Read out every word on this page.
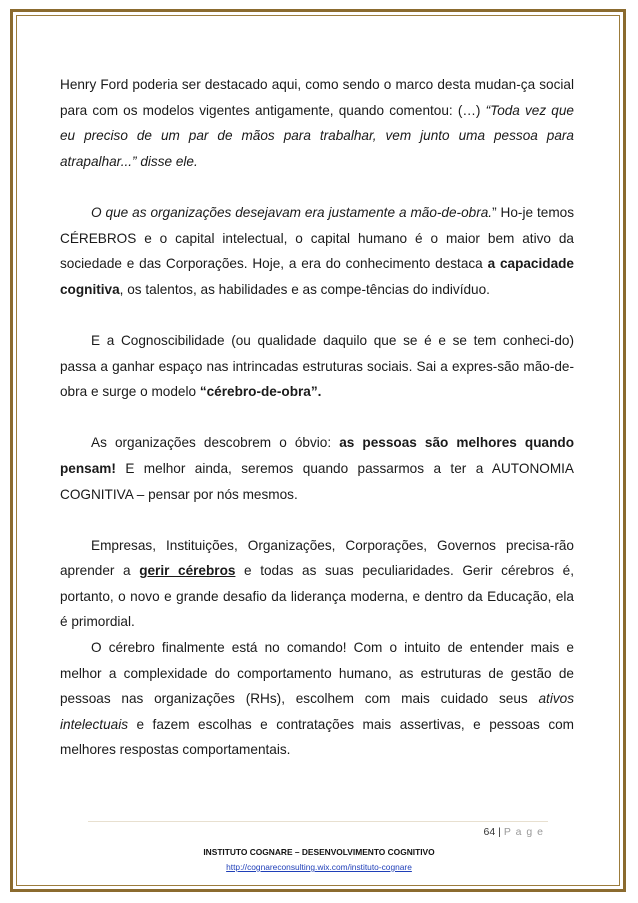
Henry Ford poderia ser destacado aqui, como sendo o marco desta mudan-ça social para com os modelos vigentes antigamente, quando comentou: (…) “Toda vez que eu preciso de um par de mãos para trabalhar, vem junto uma pessoa para atrapalhar...” disse ele.

O que as organizações desejavam era justamente a mão-de-obra.” Ho-je temos CÉREBROS e o capital intelectual, o capital humano é o maior bem ativo da sociedade e das Corporações. Hoje, a era do conhecimento destaca a capacidade cognitiva, os talentos, as habilidades e as compe-tências do indivíduo.

E a Cognoscibilidade (ou qualidade daquilo que se é e se tem conheci-do) passa a ganhar espaço nas intrincadas estruturas sociais. Sai a expres-são mão-de-obra e surge o modelo “cérebro-de-obra”.

As organizações descobrem o óbvio: as pessoas são melhores quando pensam! E melhor ainda, seremos quando passarmos a ter a AUTONOMIA COGNITIVA – pensar por nós mesmos.

Empresas, Instituições, Organizações, Corporações, Governos precisa-rão aprender a gerir cérebros e todas as suas peculiaridades. Gerir cérebros é, portanto, o novo e grande desafio da liderança moderna, e dentro da Educação, ela é primordial.

O cérebro finalmente está no comando! Com o intuito de entender mais e melhor a complexidade do comportamento humano, as estruturas de gestão de pessoas nas organizações (RHs), escolhem com mais cuidado seus ativos intelectuais e fazem escolhas e contratações mais assertivas, e pessoas com melhores respostas comportamentais.

64 | P a g e
INSTITUTO COGNARE – DESENVOLVIMENTO COGNITIVO
http://cognareconsulting.wix.com/instituto-cognare
